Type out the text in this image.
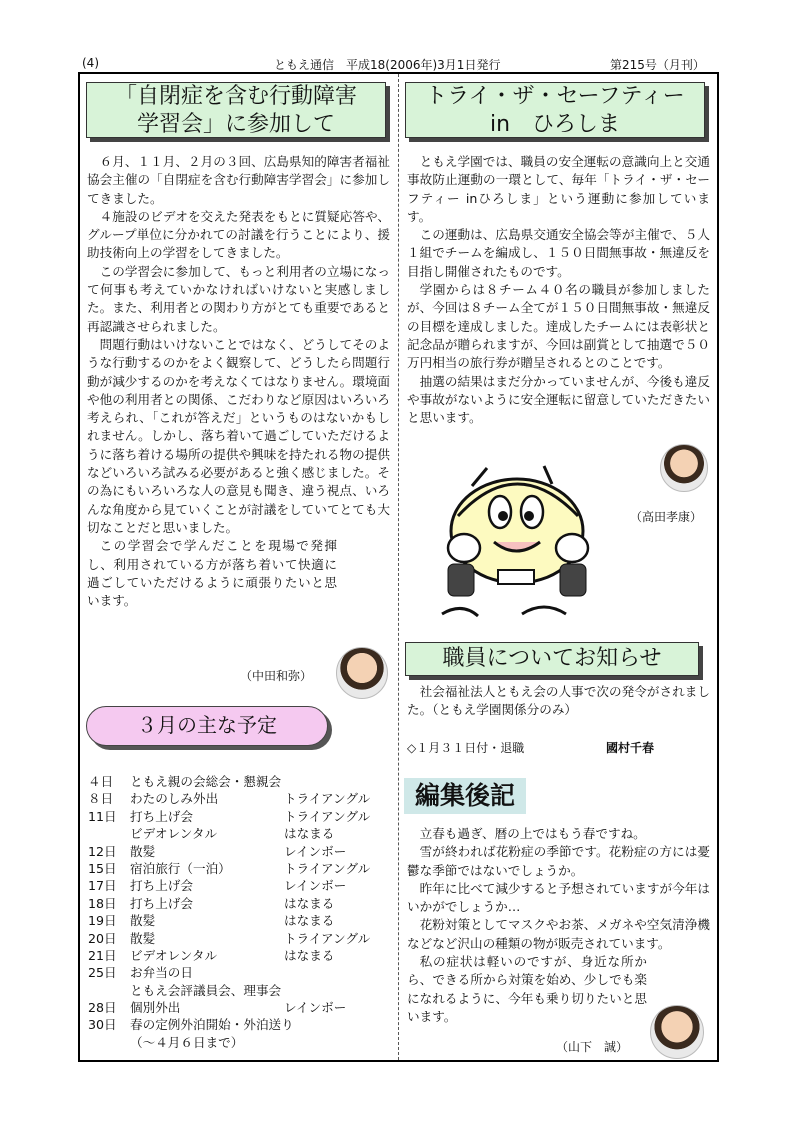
(4)	ともえ通信　平成18(2006年)3月1日発行	第215号（月刊）
「自閉症を含む行動障害
学習会」に参加して

６月、１１月、２月の３回、広島県知的障害者福祉協会主催の「自閉症を含む行動障害学習会」に参加してきました。

４施設のビデオを交えた発表をもとに質疑応答や、グループ単位に分かれての討議を行うことにより、援助技術向上の学習をしてきました。

この学習会に参加して、もっと利用者の立場になって何事も考えていかなければいけないと実感しました。また、利用者との関わり方がとても重要であると再認識させられました。

問題行動はいけないことではなく、どうしてそのような行動するのかをよく観察して、どうしたら問題行動が減少するのかを考えなくてはなりません。環境面や他の利用者との関係、こだわりなど原因はいろいろ考えられ、「これが答えだ」というものはないかもしれません。しかし、落ち着いて過ごしていただけるように落ち着ける場所の提供や興味を持たれる物の提供などいろいろ試みる必要があると強く感じました。その為にもいろいろな人の意見も聞き、違う視点、いろんな角度から見ていくことが討議をしていてとても大切なことだと思いました。

この学習会で学んだことを現場で発揮し、利用されている方が落ち着いて快適に過ごしていただけるように頑張りたいと思います。

（中田和弥）
３月の主な予定
４日	ともえ親の会総会・懇親会
８日	わたのしみ外出	トライアングル
11日	打ち上げ会	トライアングル
ビデオレンタル	はなまる
12日	散髪	レインボー
15日	宿泊旅行（一泊）	トライアングル
17日	打ち上げ会	レインボー
18日	打ち上げ会	はなまる
19日	散髪	はなまる
20日	散髪	トライアングル
21日	ビデオレンタル	はなまる
25日	お弁当の日
ともえ会評議員会、理事会
28日	個別外出	レインボー
30日	春の定例外泊開始・外泊送り
（～４月６日まで）
トライ・ザ・セーフティー
in　ひろしま

ともえ学園では、職員の安全運転の意識向上と交通事故防止運動の一環として、毎年「トライ・ザ・セーフティー inひろしま」という運動に参加しています。

この運動は、広島県交通安全協会等が主催で、５人１組でチームを編成し、１５０日間無事故・無違反を目指し開催されたものです。

学園からは８チーム４０名の職員が参加しましたが、今回は８チーム全てが１５０日間無事故・無違反の目標を達成しました。達成したチームには表彰状と記念品が贈られますが、今回は副賞として抽選で５０万円相当の旅行券が贈呈されるとのことです。

抽選の結果はまだ分かっていませんが、今後も違反や事故がないように安全運転に留意していただきたいと思います。

（高田孝康）
職員についてお知らせ

社会福祉法人ともえ会の人事で次の発令がされました。（ともえ学園関係分のみ）

◇１月３１日付・退職	國村千春
編集後記

立春も過ぎ、暦の上ではもう春ですね。

雪が終われば花粉症の季節です。花粉症の方には憂鬱な季節ではないでしょうか。

昨年に比べて減少すると予想されていますが今年はいかがでしょうか…

花粉対策としてマスクやお茶、メガネや空気清浄機などなど沢山の種類の物が販売されています。

私の症状は軽いのですが、身近な所から、できる所から対策を始め、少しでも楽になれるように、今年も乗り切りたいと思います。

（山下　誠）
